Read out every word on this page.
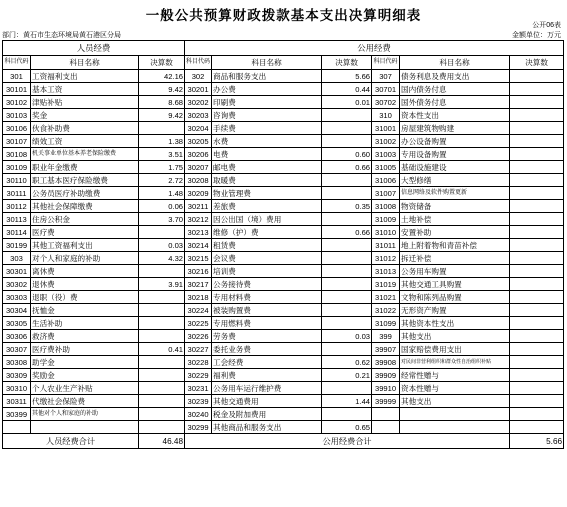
一般公共预算财政拨款基本支出决算明细表
公开06表
部门：黄石市生态环境局黄石港区分局	金额单位：万元
人员经费			公用经费					
科目代码	科目名称	决算数	科目代码	科目名称	决算数	科目代码	科目名称	决算数
301	工资福利支出	42.16	302	商品和服务支出	5.66	307	债务利息及费用支出	
30101	基本工资	9.42	30201	办公费	0.44	30701	国内债务付息	
30102	津贴补贴	8.68	30202	印刷费	0.01	30702	国外债务付息	
30103	奖金	9.42	30203	咨询费		310	资本性支出	
30106	伙食补助费		30204	手续费		31001	房屋建筑物购建	
30107	绩效工资	1.38	30205	水费		31002	办公设备购置	
30108	机关事业单位基本养老保险缴费	3.51	30206	电费	0.60	31003	专用设备购置	
30109	职业年金缴费	1.75	30207	邮电费	0.66	31005	基础设施建设	
30110	职工基本医疗保险缴费	2.72	30208	取暖费		31006	大型修缮	
30111	公务员医疗补助缴费	1.48	30209	物业管理费		31007	信息网络及软件购置更新	
30112	其他社会保障缴费	0.06	30211	差旅费	0.35	31008	物资储备	
30113	住房公积金	3.70	30212	因公出国（境）费用		31009	土地补偿	
30114	医疗费		30213	维修（护）费	0.66	31010	安置补助	
30199	其他工资福利支出	0.03	30214	租赁费		31011	地上附着物和青苗补偿	
303	对个人和家庭的补助	4.32	30215	会议费		31012	拆迁补偿	
30301	离休费		30216	培训费		31013	公务用车购置	
30302	退休费	3.91	30217	公务接待费		31019	其他交通工具购置	
30303	退职（役）费		30218	专用材料费		31021	文物和陈列品购置	
30304	抚恤金		30224	被装购置费		31022	无形资产购置	
30305	生活补助		30225	专用燃料费		31099	其他资本性支出	
30306	救济费		30226	劳务费	0.03	399	其他支出	
30307	医疗费补助	0.41	30227	委托业务费		39907	国家赔偿费用支出	
30308	助学金		30228	工会经费	0.62	39908	对民间非营利组织和群众性自治组织补贴	
30309	奖励金		30229	福利费	0.21	39909	经常性赠与	
30310	个人农业生产补贴		30231	公务用车运行维护费		39910	资本性赠与	
30311	代缴社会保险费		30239	其他交通费用	1.44	39999	其他支出	
30399	其他对个人和家庭的补助		30240	税金及附加费用				
			30299	其他商品和服务支出	0.65			
人员经费合计		46.48	公用经费合计					5.66
